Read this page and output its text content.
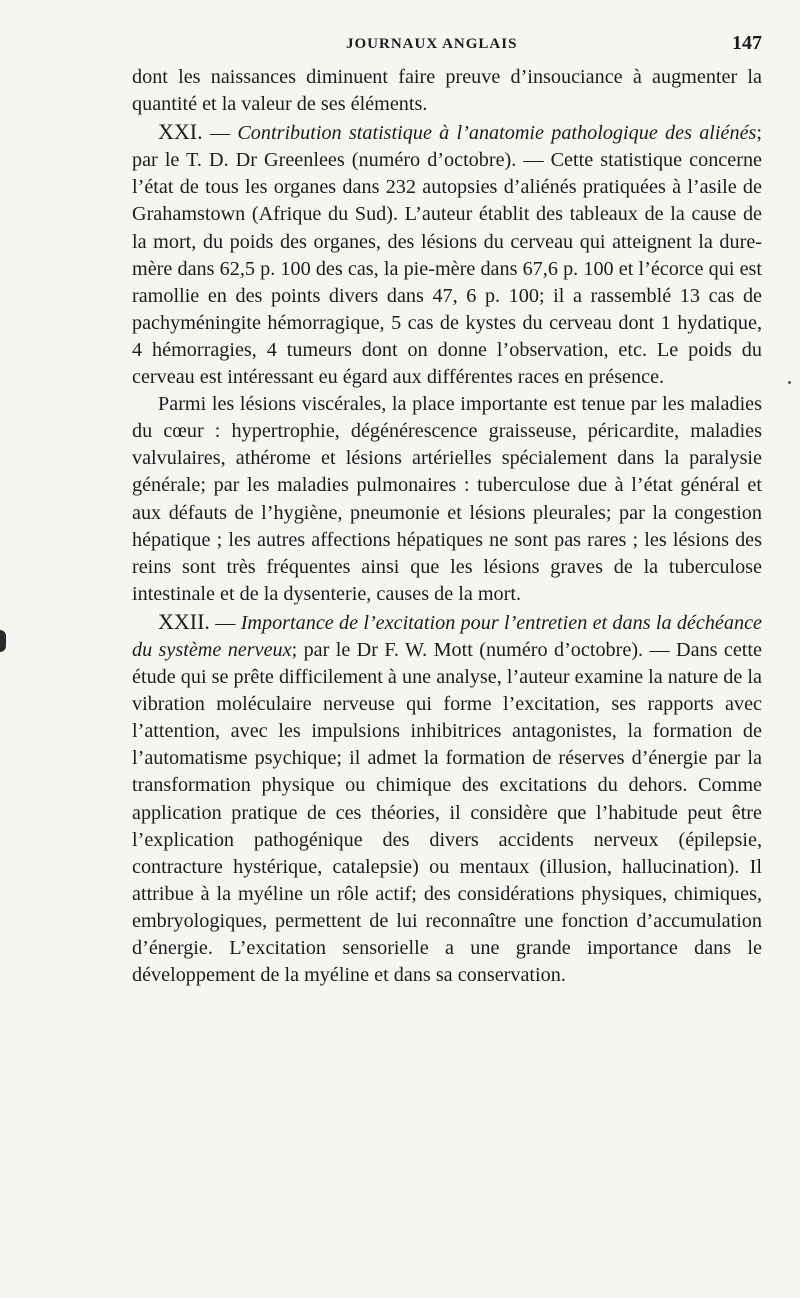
JOURNAUX ANGLAIS	147

dont les naissances diminuent faire preuve d’insouciance à augmenter la quantité et la valeur de ses éléments.

XXI. — Contribution statistique à l’anatomie pathologique des aliénés; par le T. D. Dr Greenlees (numéro d’octobre). — Cette statistique concerne l’état de tous les organes dans 232 autopsies d’aliénés pratiquées à l’asile de Grahamstown (Afrique du Sud). L’auteur établit des tableaux de la cause de la mort, du poids des organes, des lésions du cerveau qui atteignent la dure-mère dans 62,5 p. 100 des cas, la pie-mère dans 67,6 p. 100 et l’écorce qui est ramollie en des points divers dans 47, 6 p. 100; il a rassemblé 13 cas de pachyméningite hémorragique, 5 cas de kystes du cerveau dont 1 hydatique, 4 hémorragies, 4 tumeurs dont on donne l’observation, etc. Le poids du cerveau est intéressant eu égard aux différentes races en présence.

Parmi les lésions viscérales, la place importante est tenue par les maladies du cœur : hypertrophie, dégénérescence graisseuse, péricardite, maladies valvulaires, athérome et lésions artérielles spécialement dans la paralysie générale; par les maladies pulmonaires : tuberculose due à l’état général et aux défauts de l’hygiène, pneumonie et lésions pleurales; par la congestion hépatique ; les autres affections hépatiques ne sont pas rares ; les lésions des reins sont très fréquentes ainsi que les lésions graves de la tuberculose intestinale et de la dysenterie, causes de la mort.

XXII. — Importance de l’excitation pour l’entretien et dans la déchéance du système nerveux; par le Dr F. W. Mott (numéro d’octobre). — Dans cette étude qui se prête difficilement à une analyse, l’auteur examine la nature de la vibration moléculaire nerveuse qui forme l’excitation, ses rapports avec l’attention, avec les impulsions inhibitrices antagonistes, la formation de l’automatisme psychique; il admet la formation de réserves d’énergie par la transformation physique ou chimique des excitations du dehors. Comme application pratique de ces théories, il considère que l’habitude peut être l’explication pathogénique des divers accidents nerveux (épilepsie, contracture hystérique, catalepsie) ou mentaux (illusion, hallucination). Il attribue à la myéline un rôle actif; des considérations physiques, chimiques, embryologiques, permettent de lui reconnaître une fonction d’accumulation d’énergie. L’excitation sensorielle a une grande importance dans le développement de la myéline et dans sa conservation.
